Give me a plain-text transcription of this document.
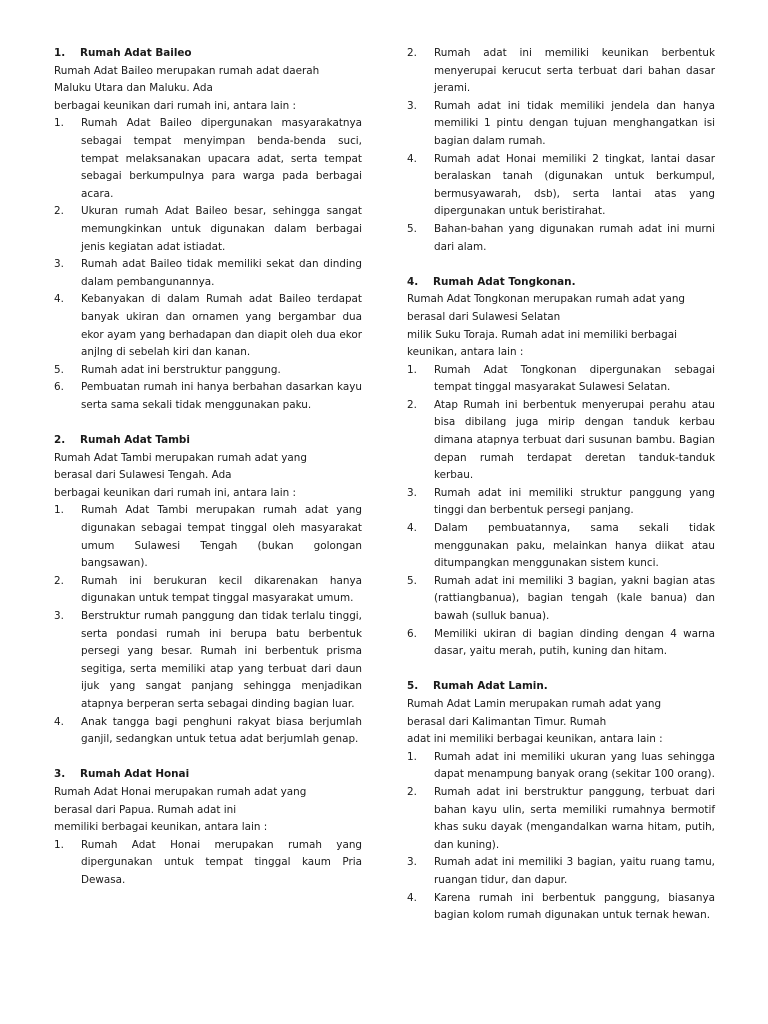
1. Rumah Adat Baileo

Rumah Adat Baileo merupakan rumah adat daerah

Maluku Utara dan Maluku. Ada

berbagai keunikan dari rumah ini, antara lain :

1. Rumah Adat Baileo dipergunakan masyarakatnya sebagai tempat menyimpan benda-benda suci, tempat melaksanakan upacara adat, serta tempat sebagai berkumpulnya para warga pada berbagai acara.
2. Ukuran rumah Adat Baileo besar, sehingga sangat memungkinkan untuk digunakan dalam berbagai jenis kegiatan adat istiadat.
3. Rumah adat Baileo tidak memiliki sekat dan dinding dalam pembangunannya.
4. Kebanyakan di dalam Rumah adat Baileo terdapat banyak ukiran dan ornamen yang bergambar dua ekor ayam yang berhadapan dan diapit oleh dua ekor anjlng di sebelah kiri dan kanan.
5. Rumah adat ini berstruktur panggung.
6. Pembuatan rumah ini hanya berbahan dasarkan kayu serta sama sekali tidak menggunakan paku.

2. Rumah Adat Tambi

Rumah Adat Tambi merupakan rumah adat yang

berasal dari Sulawesi Tengah. Ada

berbagai keunikan dari rumah ini, antara lain :

1. Rumah Adat Tambi merupakan rumah adat yang digunakan sebagai tempat tinggal oleh masyarakat umum Sulawesi Tengah (bukan golongan bangsawan).
2. Rumah ini berukuran kecil dikarenakan hanya digunakan untuk tempat tinggal masyarakat umum.
3. Berstruktur rumah panggung dan tidak terlalu tinggi, serta pondasi rumah ini berupa batu berbentuk persegi yang besar. Rumah ini berbentuk prisma segitiga, serta memiliki atap yang terbuat dari daun ijuk yang sangat panjang sehingga menjadikan atapnya berperan serta sebagai dinding bagian luar.
4. Anak tangga bagi penghuni rakyat biasa berjumlah ganjil, sedangkan untuk tetua adat berjumlah genap.

3. Rumah Adat Honai

Rumah Adat Honai merupakan rumah adat yang

berasal dari Papua. Rumah adat ini

memiliki berbagai keunikan, antara lain :

1. Rumah Adat Honai merupakan rumah yang dipergunakan untuk tempat tinggal kaum Pria Dewasa.
2. Rumah adat ini memiliki keunikan berbentuk menyerupai kerucut serta terbuat dari bahan dasar jerami.
3. Rumah adat ini tidak memiliki jendela dan hanya memiliki 1 pintu dengan tujuan menghangatkan isi bagian dalam rumah.
4. Rumah adat Honai memiliki 2 tingkat, lantai dasar beralaskan tanah (digunakan untuk berkumpul, bermusyawarah, dsb), serta lantai atas yang dipergunakan untuk beristirahat.
5. Bahan-bahan yang digunakan rumah adat ini murni dari alam.

4. Rumah Adat Tongkonan.

Rumah Adat Tongkonan merupakan rumah adat yang

berasal dari Sulawesi Selatan

milik Suku Toraja. Rumah adat ini memiliki berbagai

keunikan, antara lain :

1. Rumah Adat Tongkonan dipergunakan sebagai tempat tinggal masyarakat Sulawesi Selatan.
2. Atap Rumah ini berbentuk menyerupai perahu atau bisa dibilang juga mirip dengan tanduk kerbau dimana atapnya terbuat dari susunan bambu. Bagian depan rumah terdapat deretan tanduk-tanduk kerbau.
3. Rumah adat ini memiliki struktur panggung yang tinggi dan berbentuk persegi panjang.
4. Dalam pembuatannya, sama sekali tidak menggunakan paku, melainkan hanya diikat atau ditumpangkan menggunakan sistem kunci.
5. Rumah adat ini memiliki 3 bagian, yakni bagian atas (rattiangbanua), bagian tengah (kale banua) dan bawah (sulluk banua).
6. Memiliki ukiran di bagian dinding dengan 4 warna dasar, yaitu merah, putih, kuning dan hitam.

5. Rumah Adat Lamin.

Rumah Adat Lamin merupakan rumah adat yang

berasal dari Kalimantan Timur. Rumah

adat ini memiliki berbagai keunikan, antara lain :

1. Rumah adat ini memiliki ukuran yang luas sehingga dapat menampung banyak orang (sekitar 100 orang).
2. Rumah adat ini berstruktur panggung, terbuat dari bahan kayu ulin, serta memiliki rumahnya bermotif khas suku dayak (mengandalkan warna hitam, putih, dan kuning).
3. Rumah adat ini memiliki 3 bagian, yaitu ruang tamu, ruangan tidur, dan dapur.
4. Karena rumah ini berbentuk panggung, biasanya bagian kolom rumah digunakan untuk ternak hewan.
